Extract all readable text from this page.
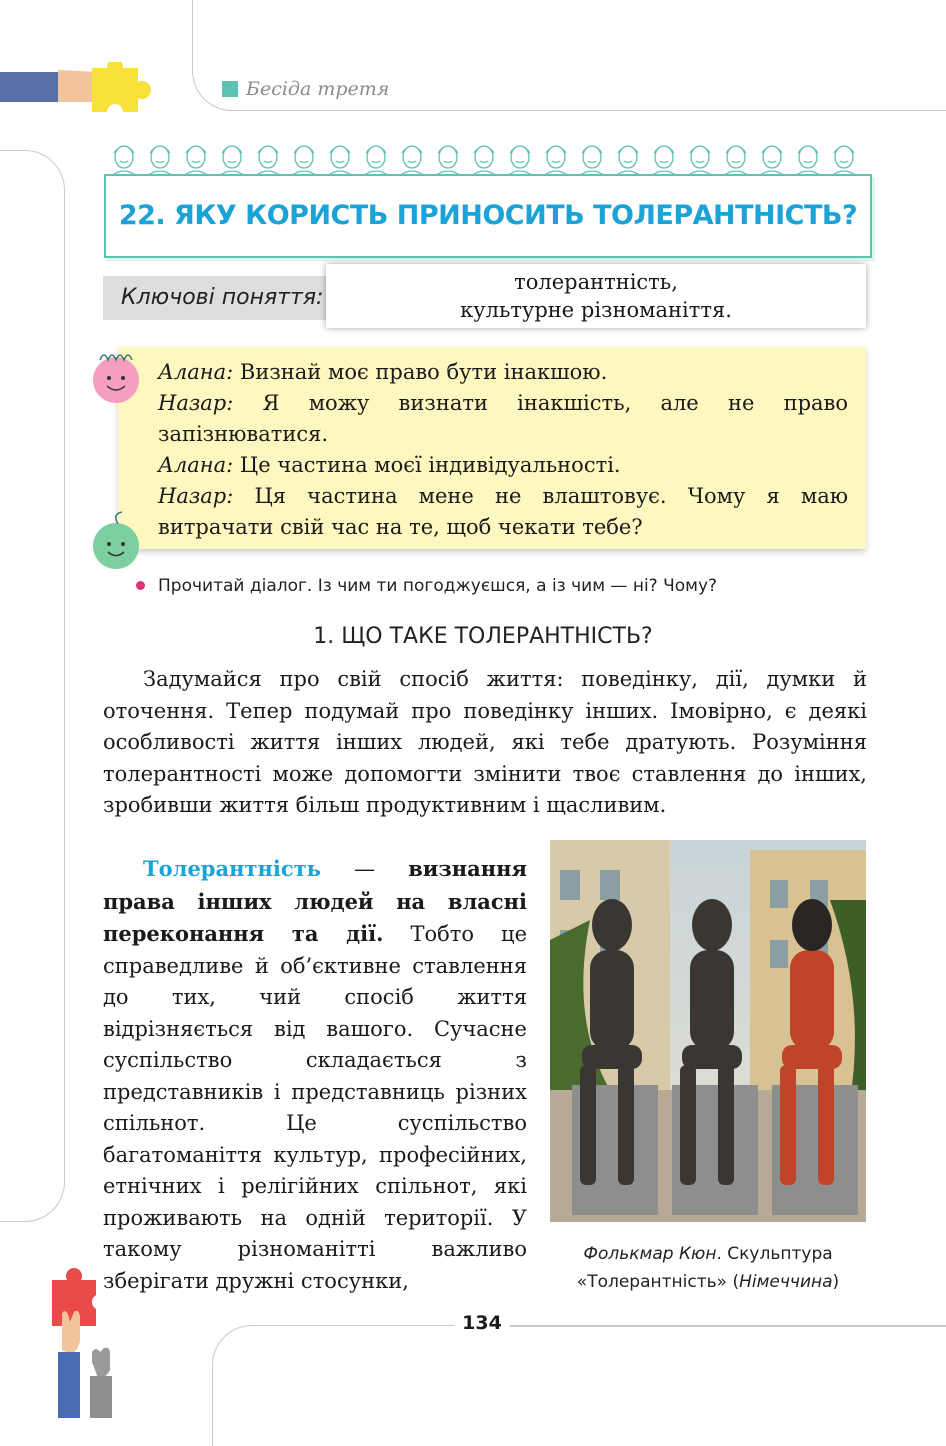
Бесіда третя
22. ЯКУ КОРИСТЬ ПРИНОСИТЬ ТОЛЕРАНТНІСТЬ?
Ключові поняття:
толерантність,
культурне різноманіття.
Алана: Визнай моє право бути інакшою.
Назар: Я можу визнати інакшість, але не право запізнюватися.
Алана: Це частина моєї індивідуальності.
Назар: Ця частина мене не влаштовує. Чому я маю витрачати свій час на те, щоб чекати тебе?
Прочитай діалог. Із чим ти погоджуєшся, а із чим — ні? Чому?
1. ЩО ТАКЕ ТОЛЕРАНТНІСТЬ?
Задумайся про свій спосіб життя: поведінку, дії, думки й оточення. Тепер подумай про поведінку інших. Імовірно, є деякі особливості життя інших людей, які тебе дратують. Розуміння толерантності може допомогти змінити твоє ставлення до інших, зробивши життя більш продуктивним і щасливим.
Толерантність — визнання права інших людей на власні переконання та дії. Тобто це справедливе й об’єктивне ставлення до тих, чий спосіб життя відрізняється від вашого. Сучасне суспільство складається з представників і представниць різних спільнот. Це суспільство багатоманіття культур, професійних, етнічних і релігійних спільнот, які проживають на одній території. У такому різноманітті важливо зберігати дружні стосунки,
Фолькмар Кюн. Скульптура
«Толерантність» (Німеччина)
134
